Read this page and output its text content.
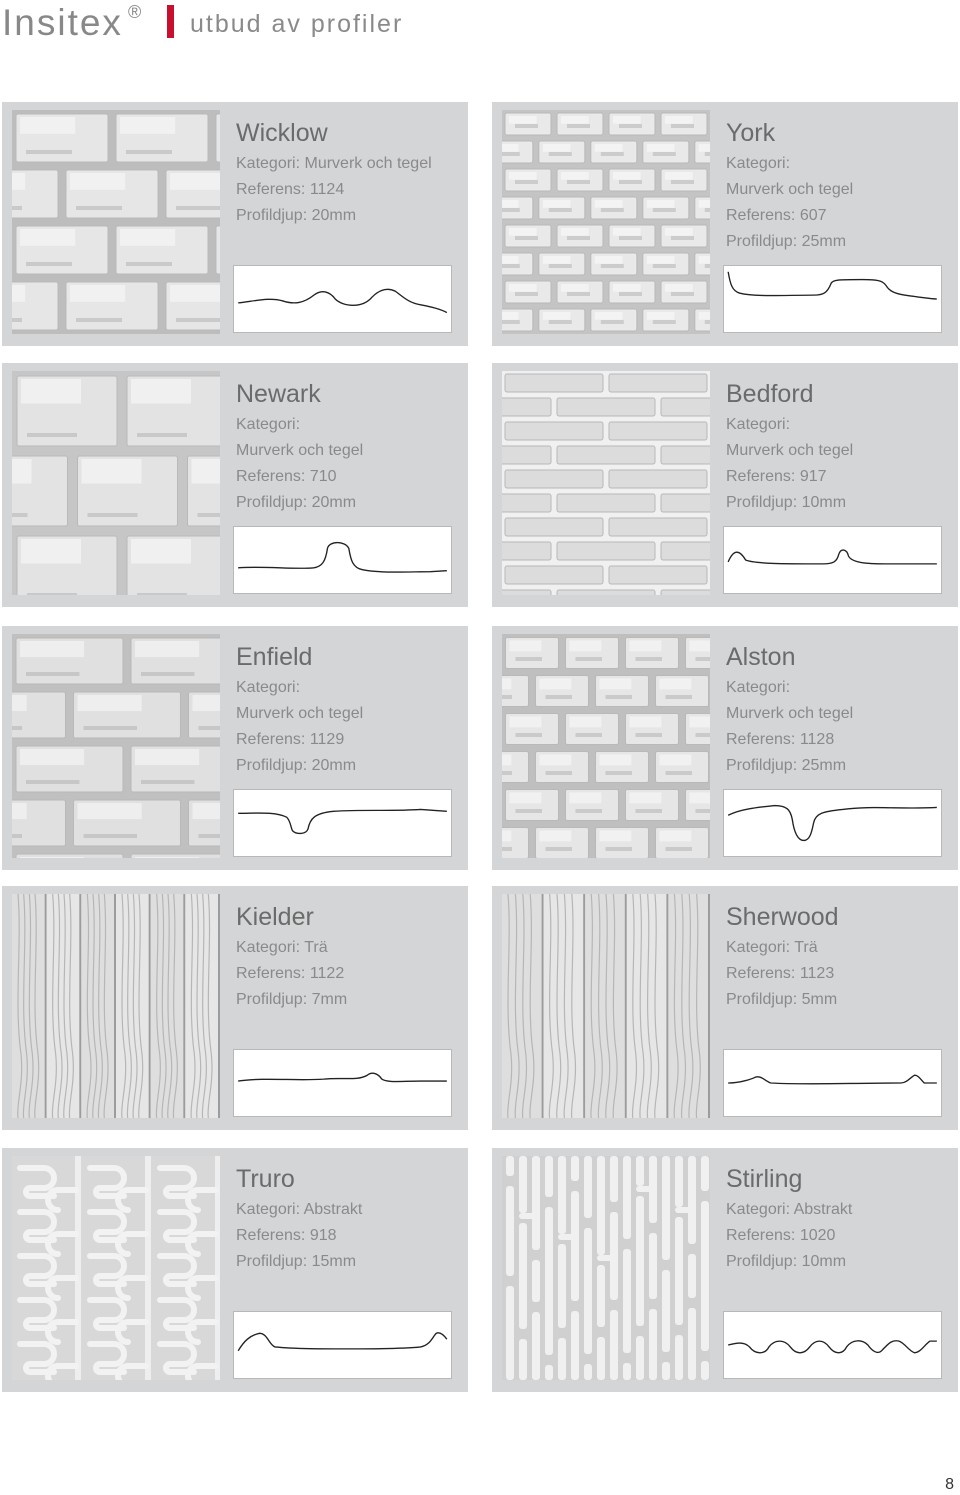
Insitex ® utbud av profiler
Wicklow
Kategori: Murverk och tegel
Referens: 1124
Profildjup: 20mm
York
Kategori:
Murverk och tegel
Referens: 607
Profildjup: 25mm
Newark
Kategori:
Murverk och tegel
Referens: 710
Profildjup: 20mm
Bedford
Kategori:
Murverk och tegel
Referens: 917
Profildjup: 10mm
Enfield
Kategori:
Murverk och tegel
Referens: 1129
Profildjup: 20mm
Alston
Kategori:
Murverk och tegel
Referens: 1128
Profildjup: 25mm
Kielder
Kategori: Trä
Referens: 1122
Profildjup: 7mm
Sherwood
Kategori: Trä
Referens: 1123
Profildjup: 5mm
Truro
Kategori: Abstrakt
Referens: 918
Profildjup: 15mm
Stirling
Kategori: Abstrakt
Referens: 1020
Profildjup: 10mm
8
